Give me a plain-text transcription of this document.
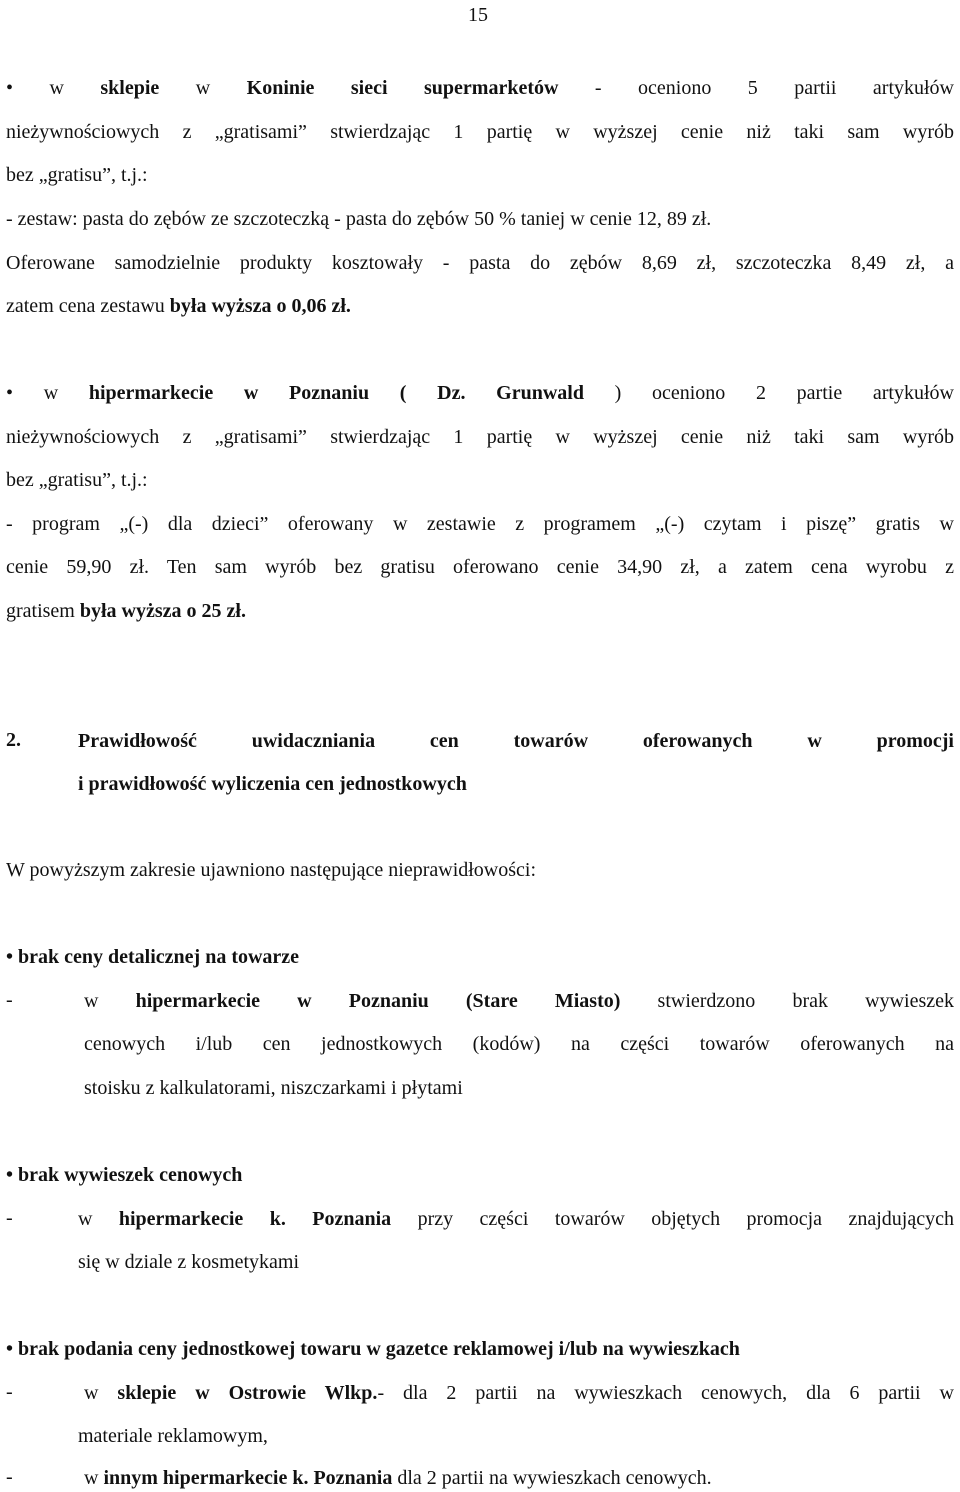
15
• w sklepie w Koninie sieci supermarketów - oceniono 5 partii artykułów
nieżywnościowych z „gratisami” stwierdzając 1 partię w wyższej cenie niż taki sam wyrób
bez „gratisu”, t.j.:
- zestaw: pasta do zębów ze szczoteczką - pasta do zębów 50 % taniej w cenie 12, 89 zł.
Oferowane samodzielnie produkty kosztowały - pasta do zębów 8,69 zł, szczoteczka 8,49 zł, a
zatem cena zestawu była wyższa o 0,06 zł.
• w hipermarkecie w Poznaniu ( Dz. Grunwald ) oceniono 2 partie artykułów
nieżywnościowych z „gratisami” stwierdzając 1 partię w wyższej cenie niż taki sam wyrób
bez „gratisu”, t.j.:
- program „(-) dla dzieci” oferowany w zestawie z programem „(-) czytam i piszę” gratis w
cenie 59,90 zł. Ten sam wyrób bez gratisu oferowano cenie 34,90 zł, a zatem cena wyrobu z
gratisem była wyższa o 25 zł.
2.	Prawidłowość uwidaczniania cen towarów oferowanych w promocji
i prawidłowość wyliczenia cen jednostkowych
W powyższym zakresie ujawniono następujące nieprawidłowości:
• brak ceny detalicznej na towarze
-	w hipermarkecie w Poznaniu (Stare Miasto) stwierdzono brak wywieszek
cenowych i/lub cen jednostkowych (kodów) na części towarów oferowanych na
stoisku z kalkulatorami, niszczarkami i płytami
• brak wywieszek cenowych
-	w hipermarkecie k. Poznania przy części towarów objętych promocja znajdujących
się w dziale z kosmetykami
• brak podania ceny jednostkowej towaru w gazetce reklamowej i/lub na wywieszkach
-	w sklepie w Ostrowie Wlkp.- dla 2 partii na wywieszkach cenowych, dla 6 partii w
materiale reklamowym,
-	w innym hipermarkecie k. Poznania dla 2 partii na wywieszkach cenowych.
